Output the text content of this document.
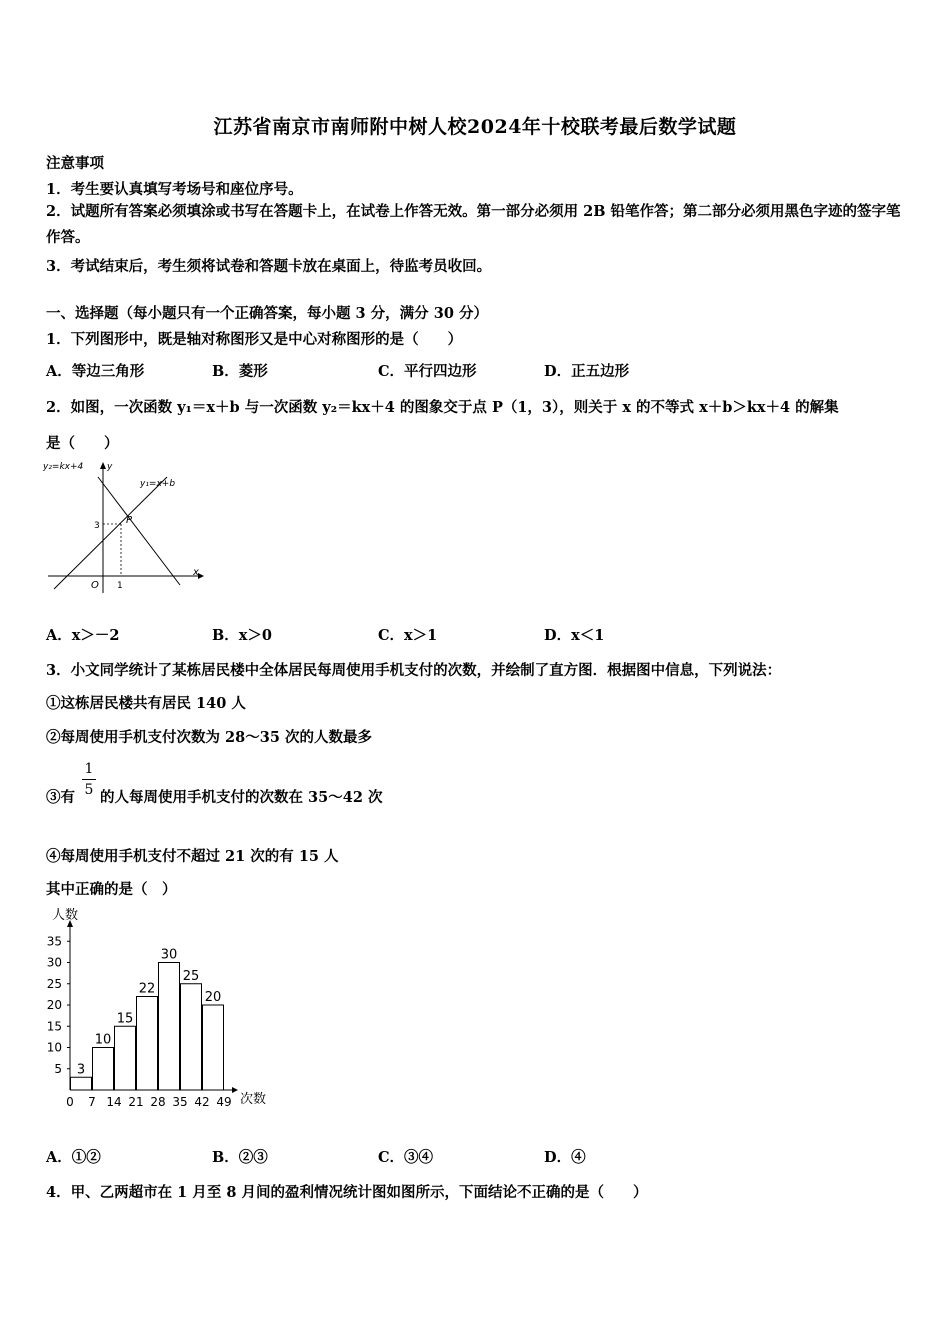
江苏省南京市南师附中树人校2024年十校联考最后数学试题
注意事项
1．考生要认真填写考场号和座位序号。
2．试题所有答案必须填涂或书写在答题卡上，在试卷上作答无效。第一部分必须用 2B 铅笔作答；第二部分必须用黑色字迹的签字笔作答。
3．考试结束后，考生须将试卷和答题卡放在桌面上，待监考员收回。
一、选择题（每小题只有一个正确答案，每小题 3 分，满分 30 分）
1．下列图形中，既是轴对称图形又是中心对称图形的是（　　）
A．等边三角形	B．菱形	C．平行四边形	D．正五边形
2．如图，一次函数 y₁＝x＋b 与一次函数 y₂＝kx＋4 的图象交于点 P（1，3），则关于 x 的不等式 x＋b＞kx＋4 的解集
是（　　）
y₂=kx+4	y
y₁=x+b
3	P
O 1
x
A．x＞－2	B．x＞0	C．x＞1	D．x＜1
3．小文同学统计了某栋居民楼中全体居民每周使用手机支付的次数，并绘制了直方图．根据图中信息，下列说法：
①这栋居民楼共有居民 140 人
②每周使用手机支付次数为 28～35 次的人数最多
③有
1
5 的人每周使用手机支付的次数在 35～42 次
④每周使用手机支付不超过 21 次的有 15 人
其中正确的是（　）
人数
次数
5
10
15
20
25
30
35
3
10
15
22
30
25
20
0 7 14 21 28 35 42 49
A．①②	B．②③	C．③④	D．④
4．甲、乙两超市在 1 月至 8 月间的盈利情况统计图如图所示，下面结论不正确的是（　　）
